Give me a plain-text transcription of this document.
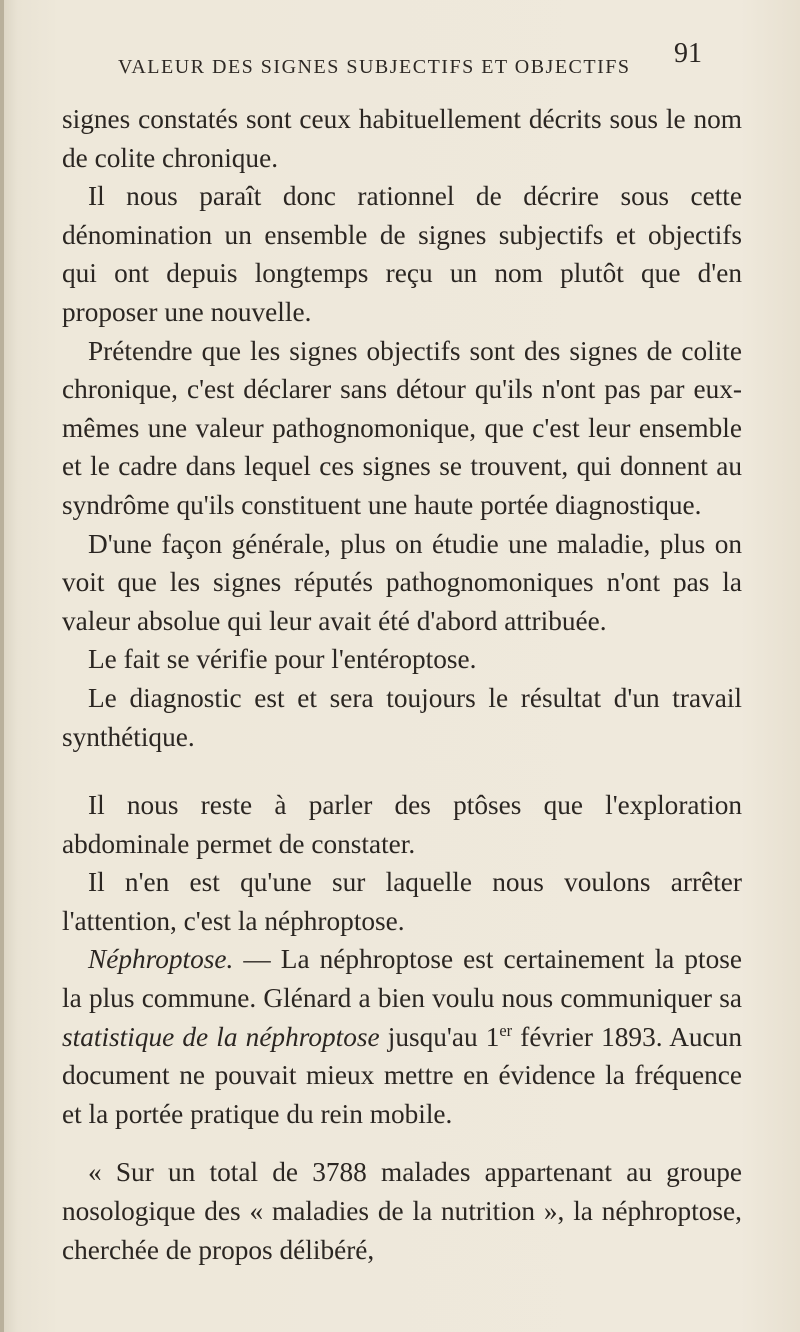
VALEUR DES SIGNES SUBJECTIFS ET OBJECTIFS 91

signes constatés sont ceux habituellement décrits sous le nom de colite chronique.

Il nous paraît donc rationnel de décrire sous cette dénomination un ensemble de signes subjectifs et objectifs qui ont depuis longtemps reçu un nom plutôt que d'en proposer une nouvelle.

Prétendre que les signes objectifs sont des signes de colite chronique, c'est déclarer sans détour qu'ils n'ont pas par eux-mêmes une valeur pathognomonique, que c'est leur ensemble et le cadre dans lequel ces signes se trouvent, qui donnent au syndrôme qu'ils constituent une haute portée diagnostique.

D'une façon générale, plus on étudie une maladie, plus on voit que les signes réputés pathognomoniques n'ont pas la valeur absolue qui leur avait été d'abord attribuée.

Le fait se vérifie pour l'entéroptose.

Le diagnostic est et sera toujours le résultat d'un travail synthétique.

Il nous reste à parler des ptôses que l'exploration abdominale permet de constater.

Il n'en est qu'une sur laquelle nous voulons arrêter l'attention, c'est la néphroptose.

Néphroptose. — La néphroptose est certainement la ptose la plus commune. Glénard a bien voulu nous communiquer sa statistique de la néphroptose jusqu'au 1er février 1893. Aucun document ne pouvait mieux mettre en évidence la fréquence et la portée pratique du rein mobile.

« Sur un total de 3788 malades appartenant au groupe nosologique des « maladies de la nutrition », la néphroptose, cherchée de propos délibéré,
